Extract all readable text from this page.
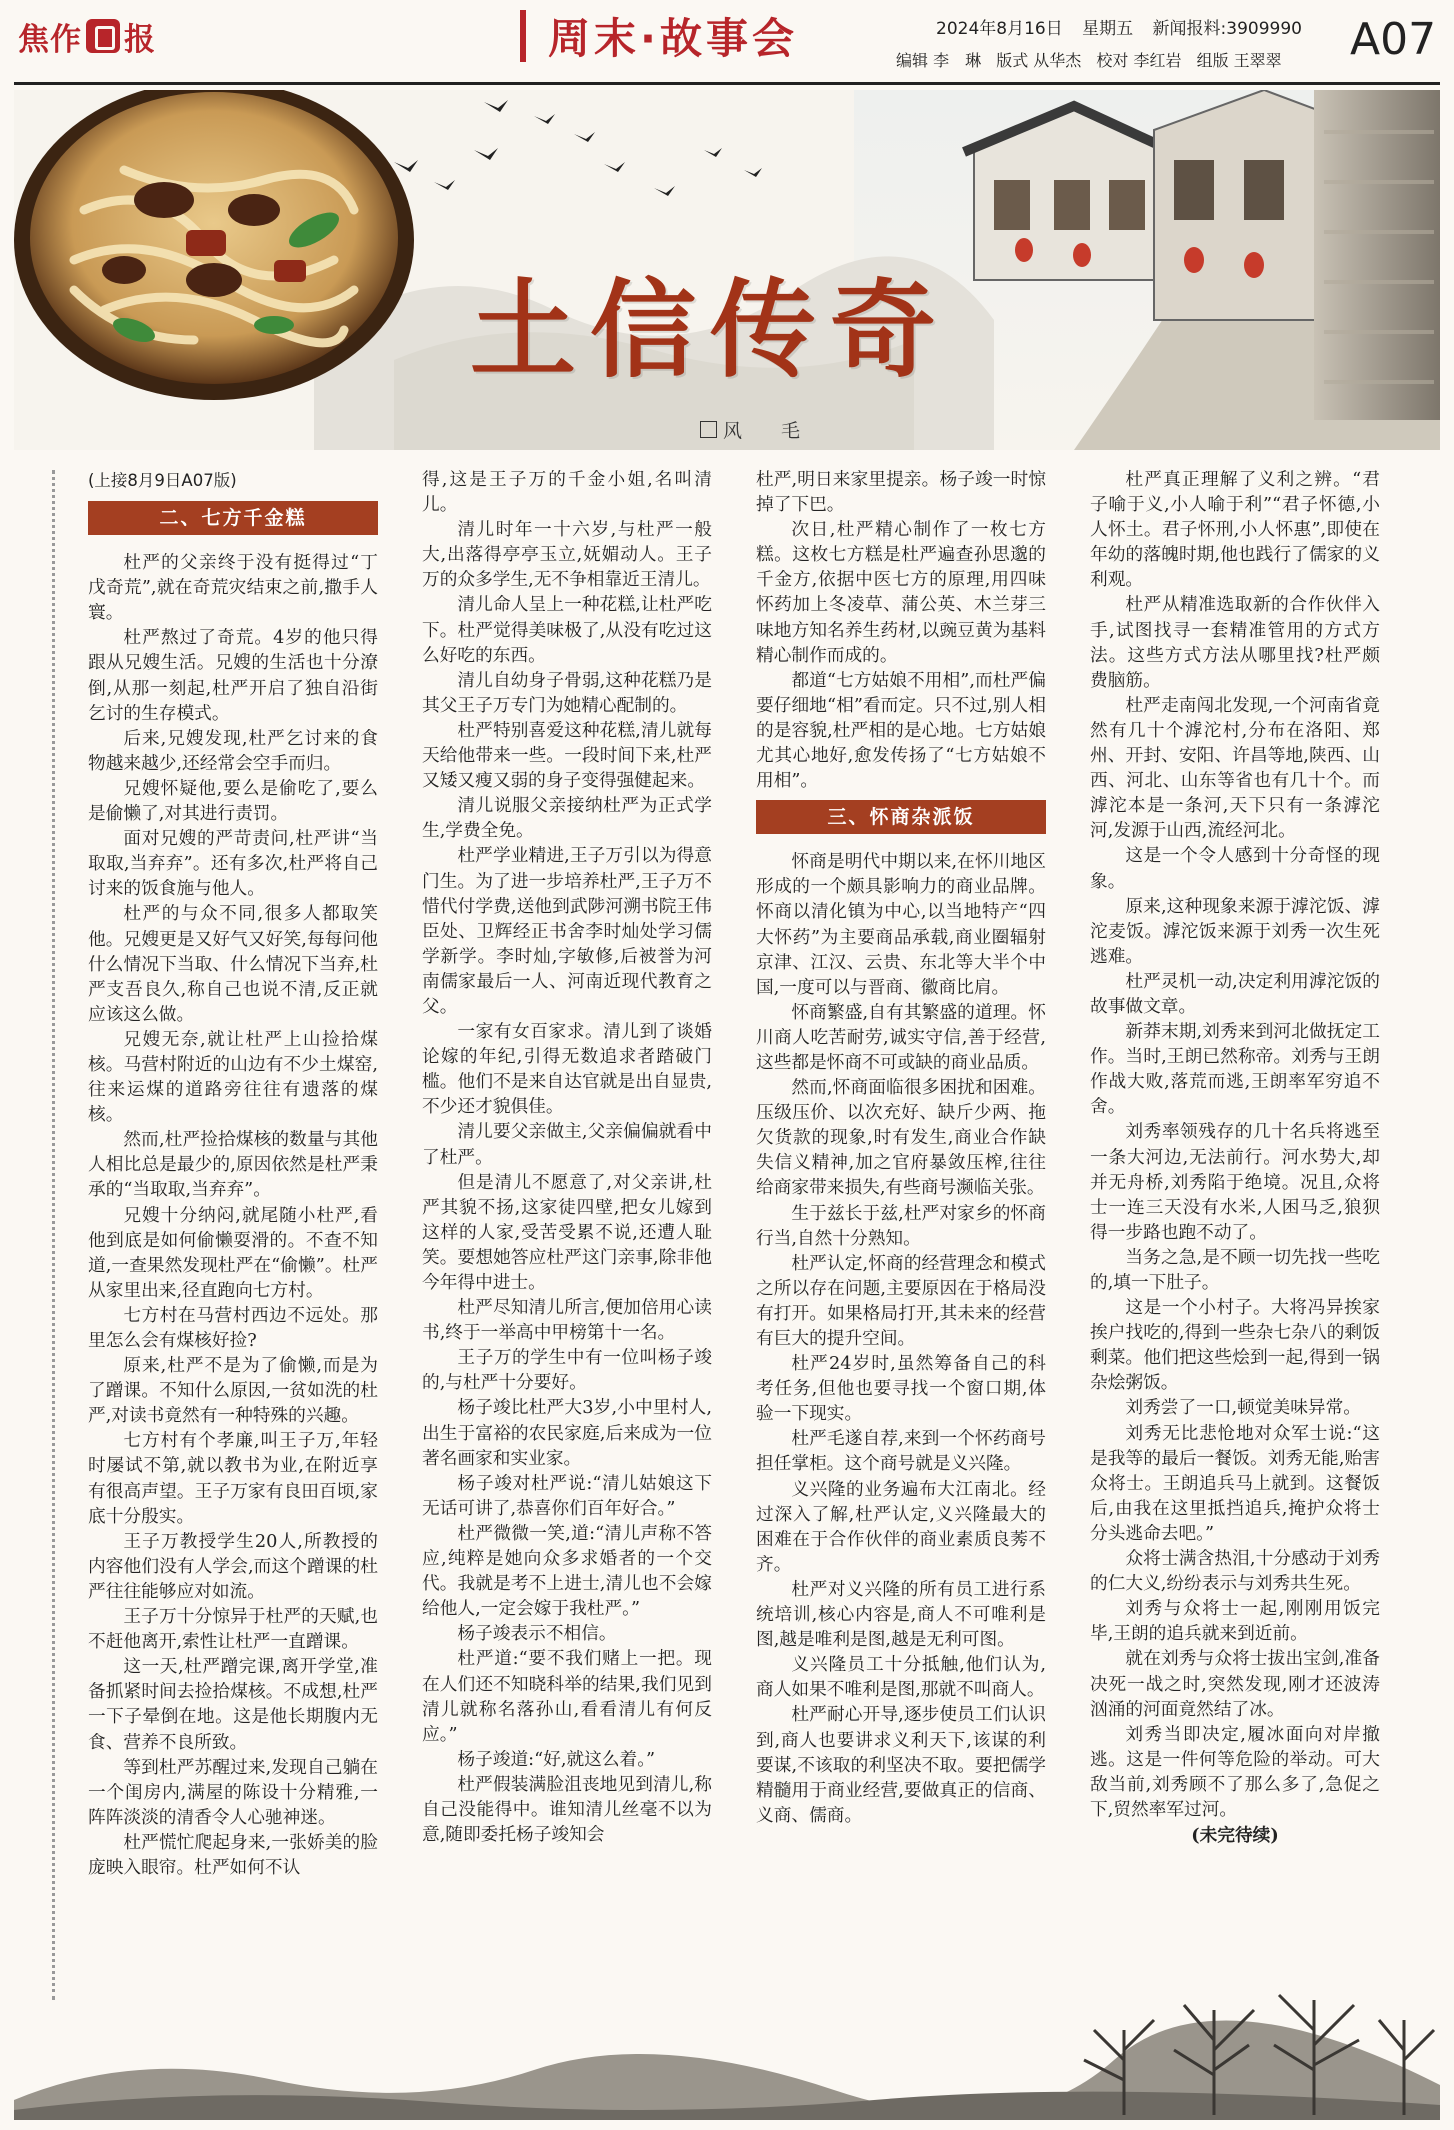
焦作 报	周末·故事会	2024年8月16日 星期五 新闻报料:3909990
编辑 李　琳 版式 从华杰 校对 李红岩 组版 王翠翠 A07
土信传奇
风　毛

(上接8月9日A07版)

二、七方千金糕

杜严的父亲终于没有挺得过“丁戊奇荒”,就在奇荒灾结束之前,撒手人寰。

杜严熬过了奇荒。4岁的他只得跟从兄嫂生活。兄嫂的生活也十分潦倒,从那一刻起,杜严开启了独自沿街乞讨的生存模式。

后来,兄嫂发现,杜严乞讨来的食物越来越少,还经常会空手而归。

兄嫂怀疑他,要么是偷吃了,要么是偷懒了,对其进行责罚。

面对兄嫂的严苛责问,杜严讲“当取取,当弃弃”。还有多次,杜严将自己讨来的饭食施与他人。

杜严的与众不同,很多人都取笑他。兄嫂更是又好气又好笑,每每问他什么情况下当取、什么情况下当弃,杜严支吾良久,称自己也说不清,反正就应该这么做。

兄嫂无奈,就让杜严上山捡拾煤核。马营村附近的山边有不少土煤窑,往来运煤的道路旁往往有遗落的煤核。

然而,杜严捡拾煤核的数量与其他人相比总是最少的,原因依然是杜严秉承的“当取取,当弃弃”。

兄嫂十分纳闷,就尾随小杜严,看他到底是如何偷懒耍滑的。不查不知道,一查果然发现杜严在“偷懒”。杜严从家里出来,径直跑向七方村。

七方村在马营村西边不远处。那里怎么会有煤核好捡?

原来,杜严不是为了偷懒,而是为了蹭课。不知什么原因,一贫如洗的杜严,对读书竟然有一种特殊的兴趣。

七方村有个孝廉,叫王子万,年轻时屡试不第,就以教书为业,在附近享有很高声望。王子万家有良田百顷,家底十分殷实。

王子万教授学生20人,所教授的内容他们没有人学会,而这个蹭课的杜严往往能够应对如流。

王子万十分惊异于杜严的天赋,也不赶他离开,索性让杜严一直蹭课。

这一天,杜严蹭完课,离开学堂,准备抓紧时间去捡拾煤核。不成想,杜严一下子晕倒在地。这是他长期腹内无食、营养不良所致。

等到杜严苏醒过来,发现自己躺在一个闺房内,满屋的陈设十分精雅,一阵阵淡淡的清香令人心驰神迷。

杜严慌忙爬起身来,一张娇美的脸庞映入眼帘。杜严如何不认

得,这是王子万的千金小姐,名叫清儿。

清儿时年一十六岁,与杜严一般大,出落得亭亭玉立,妩媚动人。王子万的众多学生,无不争相靠近王清儿。

清儿命人呈上一种花糕,让杜严吃下。杜严觉得美味极了,从没有吃过这么好吃的东西。

清儿自幼身子骨弱,这种花糕乃是其父王子万专门为她精心配制的。

杜严特别喜爱这种花糕,清儿就每天给他带来一些。一段时间下来,杜严又矮又瘦又弱的身子变得强健起来。

清儿说服父亲接纳杜严为正式学生,学费全免。

杜严学业精进,王子万引以为得意门生。为了进一步培养杜严,王子万不惜代付学费,送他到武陟河溯书院王伟臣处、卫辉经正书舍李时灿处学习儒学新学。李时灿,字敏修,后被誉为河南儒家最后一人、河南近现代教育之父。

一家有女百家求。清儿到了谈婚论嫁的年纪,引得无数追求者踏破门槛。他们不是来自达官就是出自显贵,不少还才貌俱佳。

清儿要父亲做主,父亲偏偏就看中了杜严。

但是清儿不愿意了,对父亲讲,杜严其貌不扬,这家徒四壁,把女儿嫁到这样的人家,受苦受累不说,还遭人耻笑。要想她答应杜严这门亲事,除非他今年得中进士。

杜严尽知清儿所言,便加倍用心读书,终于一举高中甲榜第十一名。

王子万的学生中有一位叫杨子竣的,与杜严十分要好。

杨子竣比杜严大3岁,小中里村人,出生于富裕的农民家庭,后来成为一位著名画家和实业家。

杨子竣对杜严说:“清儿姑娘这下无话可讲了,恭喜你们百年好合。”

杜严微微一笑,道:“清儿声称不答应,纯粹是她向众多求婚者的一个交代。我就是考不上进士,清儿也不会嫁给他人,一定会嫁于我杜严。”

杨子竣表示不相信。

杜严道:“要不我们赌上一把。现在人们还不知晓科举的结果,我们见到清儿就称名落孙山,看看清儿有何反应。”

杨子竣道:“好,就这么着。”

杜严假装满脸沮丧地见到清儿,称自己没能得中。谁知清儿丝毫不以为意,随即委托杨子竣知会

杜严,明日来家里提亲。杨子竣一时惊掉了下巴。

次日,杜严精心制作了一枚七方糕。这枚七方糕是杜严遍查孙思邈的千金方,依据中医七方的原理,用四味怀药加上冬凌草、蒲公英、木兰芽三味地方知名养生药材,以豌豆黄为基料精心制作而成的。

都道“七方姑娘不用相”,而杜严偏要仔细地“相”看而定。只不过,别人相的是容貌,杜严相的是心地。七方姑娘尤其心地好,愈发传扬了“七方姑娘不用相”。

三、怀商杂派饭

怀商是明代中期以来,在怀川地区形成的一个颇具影响力的商业品牌。怀商以清化镇为中心,以当地特产“四大怀药”为主要商品承载,商业圈辐射京津、江汉、云贵、东北等大半个中国,一度可以与晋商、徽商比肩。

怀商繁盛,自有其繁盛的道理。怀川商人吃苦耐劳,诚实守信,善于经营,这些都是怀商不可或缺的商业品质。

然而,怀商面临很多困扰和困难。压级压价、以次充好、缺斤少两、拖欠货款的现象,时有发生,商业合作缺失信义精神,加之官府暴敛压榨,往往给商家带来损失,有些商号濒临关张。

生于兹长于兹,杜严对家乡的怀商行当,自然十分熟知。

杜严认定,怀商的经营理念和模式之所以存在问题,主要原因在于格局没有打开。如果格局打开,其未来的经营有巨大的提升空间。

杜严24岁时,虽然筹备自己的科考任务,但他也要寻找一个窗口期,体验一下现实。

杜严毛遂自荐,来到一个怀药商号担任掌柜。这个商号就是义兴隆。

义兴隆的业务遍布大江南北。经过深入了解,杜严认定,义兴隆最大的困难在于合作伙伴的商业素质良莠不齐。

杜严对义兴隆的所有员工进行系统培训,核心内容是,商人不可唯利是图,越是唯利是图,越是无利可图。

义兴隆员工十分抵触,他们认为,商人如果不唯利是图,那就不叫商人。

杜严耐心开导,逐步使员工们认识到,商人也要讲求义利天下,该谋的利要谋,不该取的利坚决不取。要把儒学精髓用于商业经营,要做真正的信商、义商、儒商。

杜严真正理解了义利之辨。“君子喻于义,小人喻于利”“君子怀德,小人怀土。君子怀刑,小人怀惠”,即使在年幼的落魄时期,他也践行了儒家的义利观。

杜严从精准选取新的合作伙伴入手,试图找寻一套精准管用的方式方法。这些方式方法从哪里找?杜严颇费脑筋。

杜严走南闯北发现,一个河南省竟然有几十个滹沱村,分布在洛阳、郑州、开封、安阳、许昌等地,陕西、山西、河北、山东等省也有几十个。而滹沱本是一条河,天下只有一条滹沱河,发源于山西,流经河北。

这是一个令人感到十分奇怪的现象。

原来,这种现象来源于滹沱饭、滹沱麦饭。滹沱饭来源于刘秀一次生死逃难。

杜严灵机一动,决定利用滹沱饭的故事做文章。

新莽末期,刘秀来到河北做抚定工作。当时,王朗已然称帝。刘秀与王朗作战大败,落荒而逃,王朗率军穷追不舍。

刘秀率领残存的几十名兵将逃至一条大河边,无法前行。河水势大,却并无舟桥,刘秀陷于绝境。况且,众将士一连三天没有水米,人困马乏,狼狈得一步路也跑不动了。

当务之急,是不顾一切先找一些吃的,填一下肚子。

这是一个小村子。大将冯异挨家挨户找吃的,得到一些杂七杂八的剩饭剩菜。他们把这些烩到一起,得到一锅杂烩粥饭。

刘秀尝了一口,顿觉美味异常。

刘秀无比悲怆地对众军士说:“这是我等的最后一餐饭。刘秀无能,贻害众将士。王朗追兵马上就到。这餐饭后,由我在这里抵挡追兵,掩护众将士分头逃命去吧。”

众将士满含热泪,十分感动于刘秀的仁大义,纷纷表示与刘秀共生死。

刘秀与众将士一起,刚刚用饭完毕,王朗的追兵就来到近前。

就在刘秀与众将士拔出宝剑,准备决死一战之时,突然发现,刚才还波涛汹涌的河面竟然结了冰。

刘秀当即决定,履冰面向对岸撤逃。这是一件何等危险的举动。可大敌当前,刘秀顾不了那么多了,急促之下,贸然率军过河。

(未完待续)
